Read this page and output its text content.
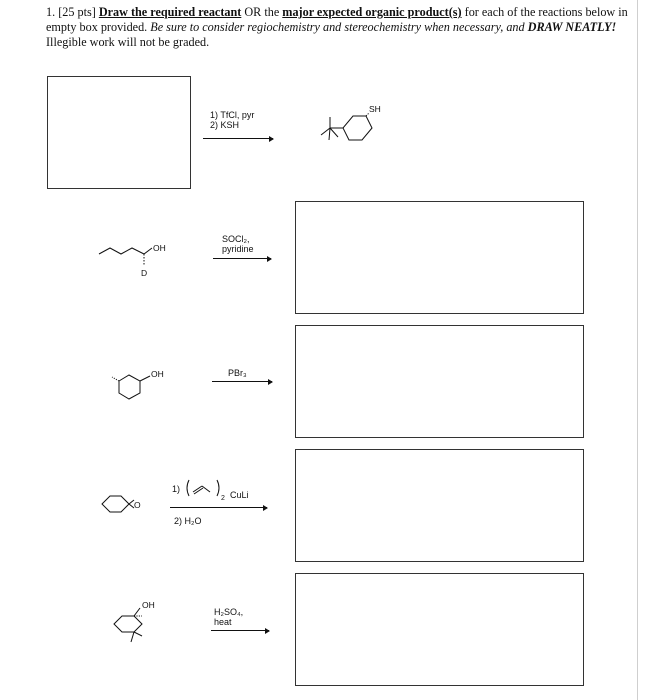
1. [25 pts] Draw the required reactant OR the major expected organic product(s) for each of the reactions below in empty box provided. Be sure to consider regiochemistry and stereochemistry when necessary, and DRAW NEATLY! Illegible work will not be graded.
1) TfCl, pyr
2) KSH
SH
OH
D
SOCl₂,
pyridine
OH	PBr₃
O
1)
2 CuLi
2) H₂O
OH
H₂SO₄,
heat
